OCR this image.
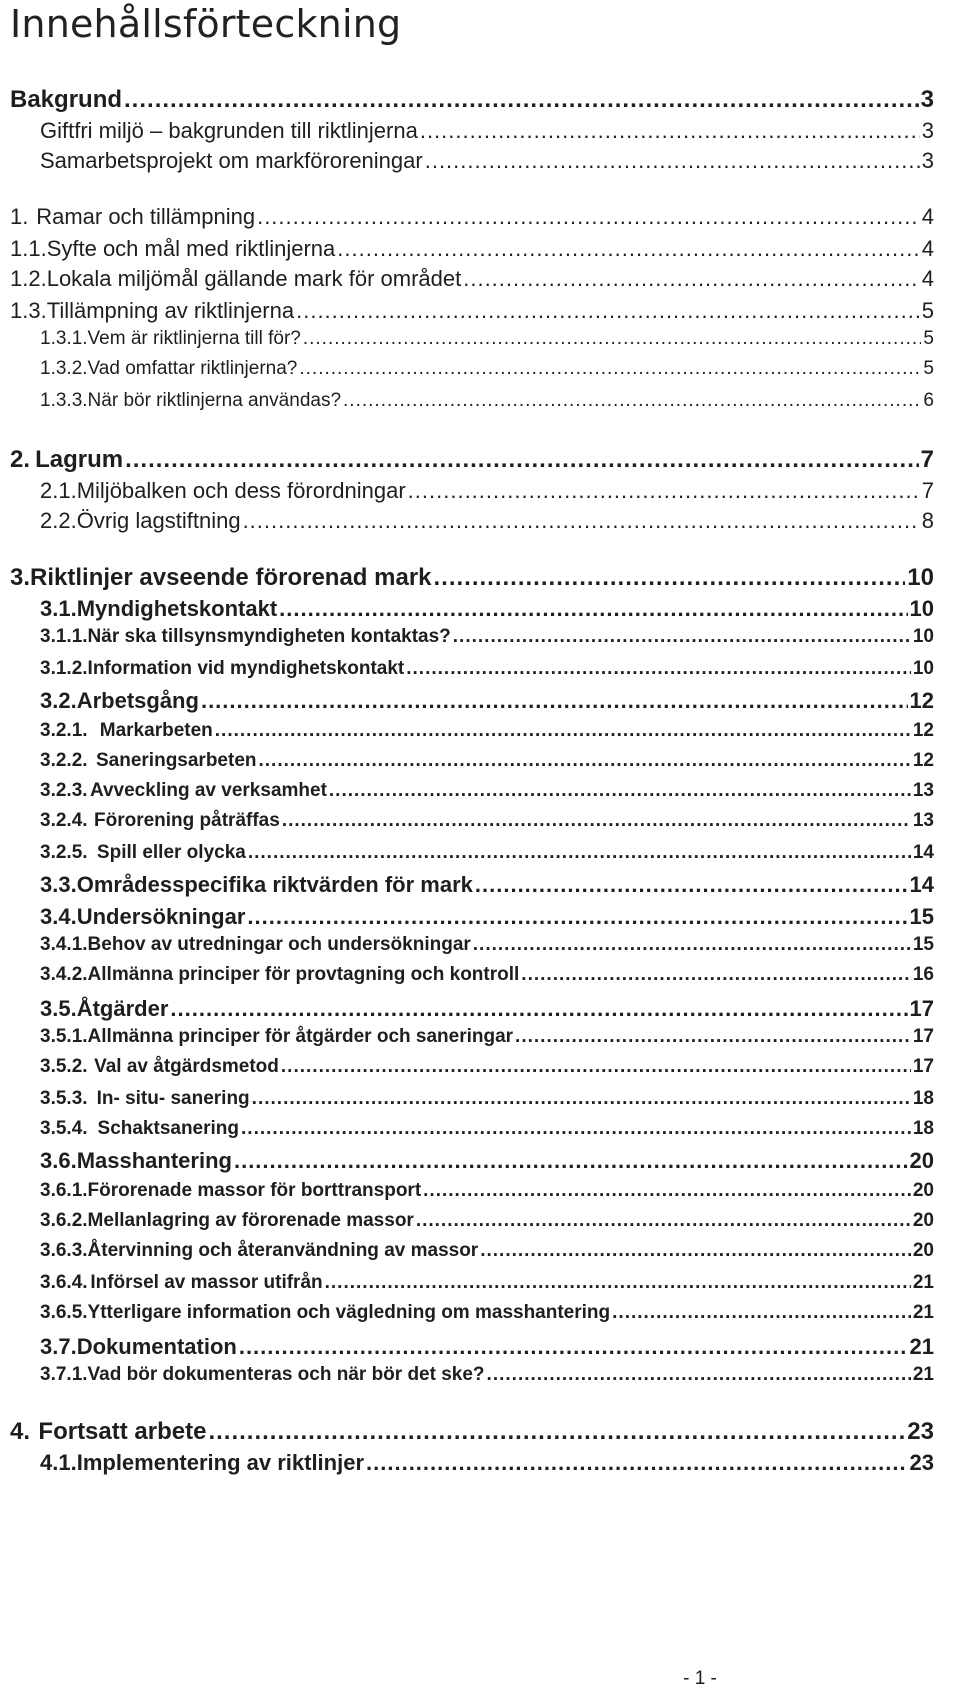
Innehållsförteckning
Bakgrund .....	3
Giftfri miljö – bakgrunden till riktlinjerna .....	3
Samarbetsprojekt om markföroreningar .....	3
1. Ramar och tillämpning .....	4
1.1. Syfte och mål med riktlinjerna .....	4
1.2. Lokala miljömål gällande mark för området .....	4
1.3. Tillämpning av riktlinjerna .....	5
1.3.1. Vem är riktlinjerna till för? .....	5
1.3.2. Vad omfattar riktlinjerna? .....	5
1.3.3. När bör riktlinjerna användas? .....	6
2. Lagrum .....	7
2.1. Miljöbalken och dess förordningar .....	7
2.2. Övrig lagstiftning .....	8
3. Riktlinjer avseende förorenad mark .....	10
3.1. Myndighetskontakt .....	10
3.1.1. När ska tillsynsmyndigheten kontaktas? .....	10
3.1.2. Information vid myndighetskontakt .....	10
3.2. Arbetsgång .....	12
3.2.1. Markarbeten .....	12
3.2.2. Saneringsarbeten .....	12
3.2.3. Avveckling av verksamhet .....	13
3.2.4. Förorening påträffas .....	13
3.2.5. Spill eller olycka .....	14
3.3. Områdesspecifika riktvärden för mark .....	14
3.4. Undersökningar .....	15
3.4.1. Behov av utredningar och undersökningar .....	15
3.4.2. Allmänna principer för provtagning och kontroll .....	16
3.5. Åtgärder .....	17
3.5.1. Allmänna principer för åtgärder och saneringar .....	17
3.5.2. Val av åtgärdsmetod .....	17
3.5.3. In- situ- sanering .....	18
3.5.4. Schaktsanering .....	18
3.6. Masshantering .....	20
3.6.1. Förorenade massor för borttransport .....	20
3.6.2. Mellanlagring av förorenade massor .....	20
3.6.3. Återvinning och återanvändning av massor .....	20
3.6.4. Införsel av massor utifrån .....	21
3.6.5. Ytterligare information och vägledning om masshantering .....	21
3.7. Dokumentation .....	21
3.7.1. Vad bör dokumenteras och när bör det ske? .....	21
4. Fortsatt arbete .....	23
4.1. Implementering av riktlinjer .....	23
- 1 -
